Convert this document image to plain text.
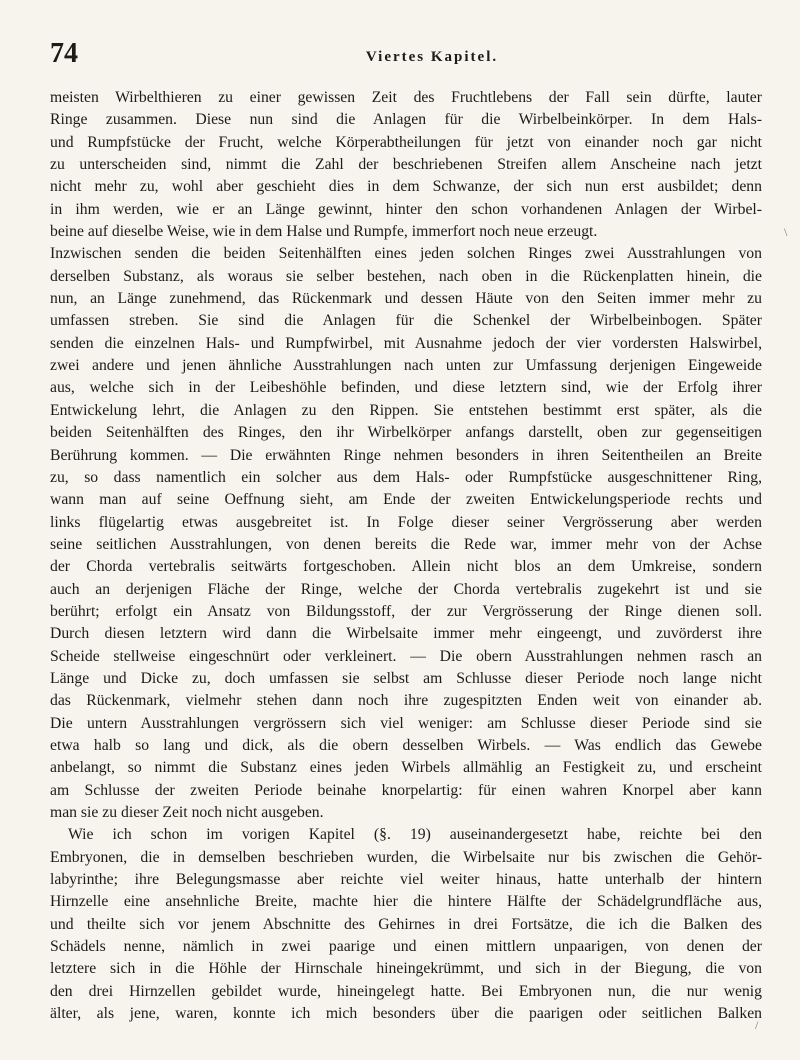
74	Viertes Kapitel.
meisten Wirbelthieren zu einer gewissen Zeit des Fruchtlebens der Fall sein dürfte, lauter
Ringe zusammen. Diese nun sind die Anlagen für die Wirbelbeinkörper. In dem Hals-
und Rumpfstücke der Frucht, welche Körperabtheilungen für jetzt von einander noch gar nicht
zu unterscheiden sind, nimmt die Zahl der beschriebenen Streifen allem Anscheine nach jetzt
nicht mehr zu, wohl aber geschieht dies in dem Schwanze, der sich nun erst ausbildet; denn
in ihm werden, wie er an Länge gewinnt, hinter den schon vorhandenen Anlagen der Wirbel-
beine auf dieselbe Weise, wie in dem Halse und Rumpfe, immerfort noch neue erzeugt.
Inzwischen senden die beiden Seitenhälften eines jeden solchen Ringes zwei Ausstrahlungen von
derselben Substanz, als woraus sie selber bestehen, nach oben in die Rückenplatten hinein, die
nun, an Länge zunehmend, das Rückenmark und dessen Häute von den Seiten immer mehr zu
umfassen streben. Sie sind die Anlagen für die Schenkel der Wirbelbeinbogen. Später
senden die einzelnen Hals- und Rumpfwirbel, mit Ausnahme jedoch der vier vordersten Halswirbel,
zwei andere und jenen ähnliche Ausstrahlungen nach unten zur Umfassung derjenigen Eingeweide
aus, welche sich in der Leibeshöhle befinden, und diese letztern sind, wie der Erfolg ihrer
Entwickelung lehrt, die Anlagen zu den Rippen. Sie entstehen bestimmt erst später, als die
beiden Seitenhälften des Ringes, den ihr Wirbelkörper anfangs darstellt, oben zur gegenseitigen
Berührung kommen. — Die erwähnten Ringe nehmen besonders in ihren Seitentheilen an Breite
zu, so dass namentlich ein solcher aus dem Hals- oder Rumpfstücke ausgeschnittener Ring,
wann man auf seine Oeffnung sieht, am Ende der zweiten Entwickelungsperiode rechts und
links flügelartig etwas ausgebreitet ist. In Folge dieser seiner Vergrösserung aber werden
seine seitlichen Ausstrahlungen, von denen bereits die Rede war, immer mehr von der Achse
der Chorda vertebralis seitwärts fortgeschoben. Allein nicht blos an dem Umkreise, sondern
auch an derjenigen Fläche der Ringe, welche der Chorda vertebralis zugekehrt ist und sie
berührt; erfolgt ein Ansatz von Bildungsstoff, der zur Vergrösserung der Ringe dienen soll.
Durch diesen letztern wird dann die Wirbelsaite immer mehr eingeengt, und zuvörderst ihre
Scheide stellweise eingeschnürt oder verkleinert. — Die obern Ausstrahlungen nehmen rasch an
Länge und Dicke zu, doch umfassen sie selbst am Schlusse dieser Periode noch lange nicht
das Rückenmark, vielmehr stehen dann noch ihre zugespitzten Enden weit von einander ab.
Die untern Ausstrahlungen vergrössern sich viel weniger: am Schlusse dieser Periode sind sie
etwa halb so lang und dick, als die obern desselben Wirbels. — Was endlich das Gewebe
anbelangt, so nimmt die Substanz eines jeden Wirbels allmählig an Festigkeit zu, und erscheint
am Schlusse der zweiten Periode beinahe knorpelartig: für einen wahren Knorpel aber kann
man sie zu dieser Zeit noch nicht ausgeben.
Wie ich schon im vorigen Kapitel (§. 19) auseinandergesetzt habe, reichte bei den
Embryonen, die in demselben beschrieben wurden, die Wirbelsaite nur bis zwischen die Gehör-
labyrinthe; ihre Belegungsmasse aber reichte viel weiter hinaus, hatte unterhalb der hintern
Hirnzelle eine ansehnliche Breite, machte hier die hintere Hälfte der Schädelgrundfläche aus,
und theilte sich vor jenem Abschnitte des Gehirnes in drei Fortsätze, die ich die Balken des
Schädels nenne, nämlich in zwei paarige und einen mittlern unpaarigen, von denen der
letztere sich in die Höhle der Hirnschale hineingekrümmt, und sich in der Biegung, die von
den drei Hirnzellen gebildet wurde, hineingelegt hatte. Bei Embryonen nun, die nur wenig
älter, als jene, waren, konnte ich mich besonders über die paarigen oder seitlichen Balken
\
/
